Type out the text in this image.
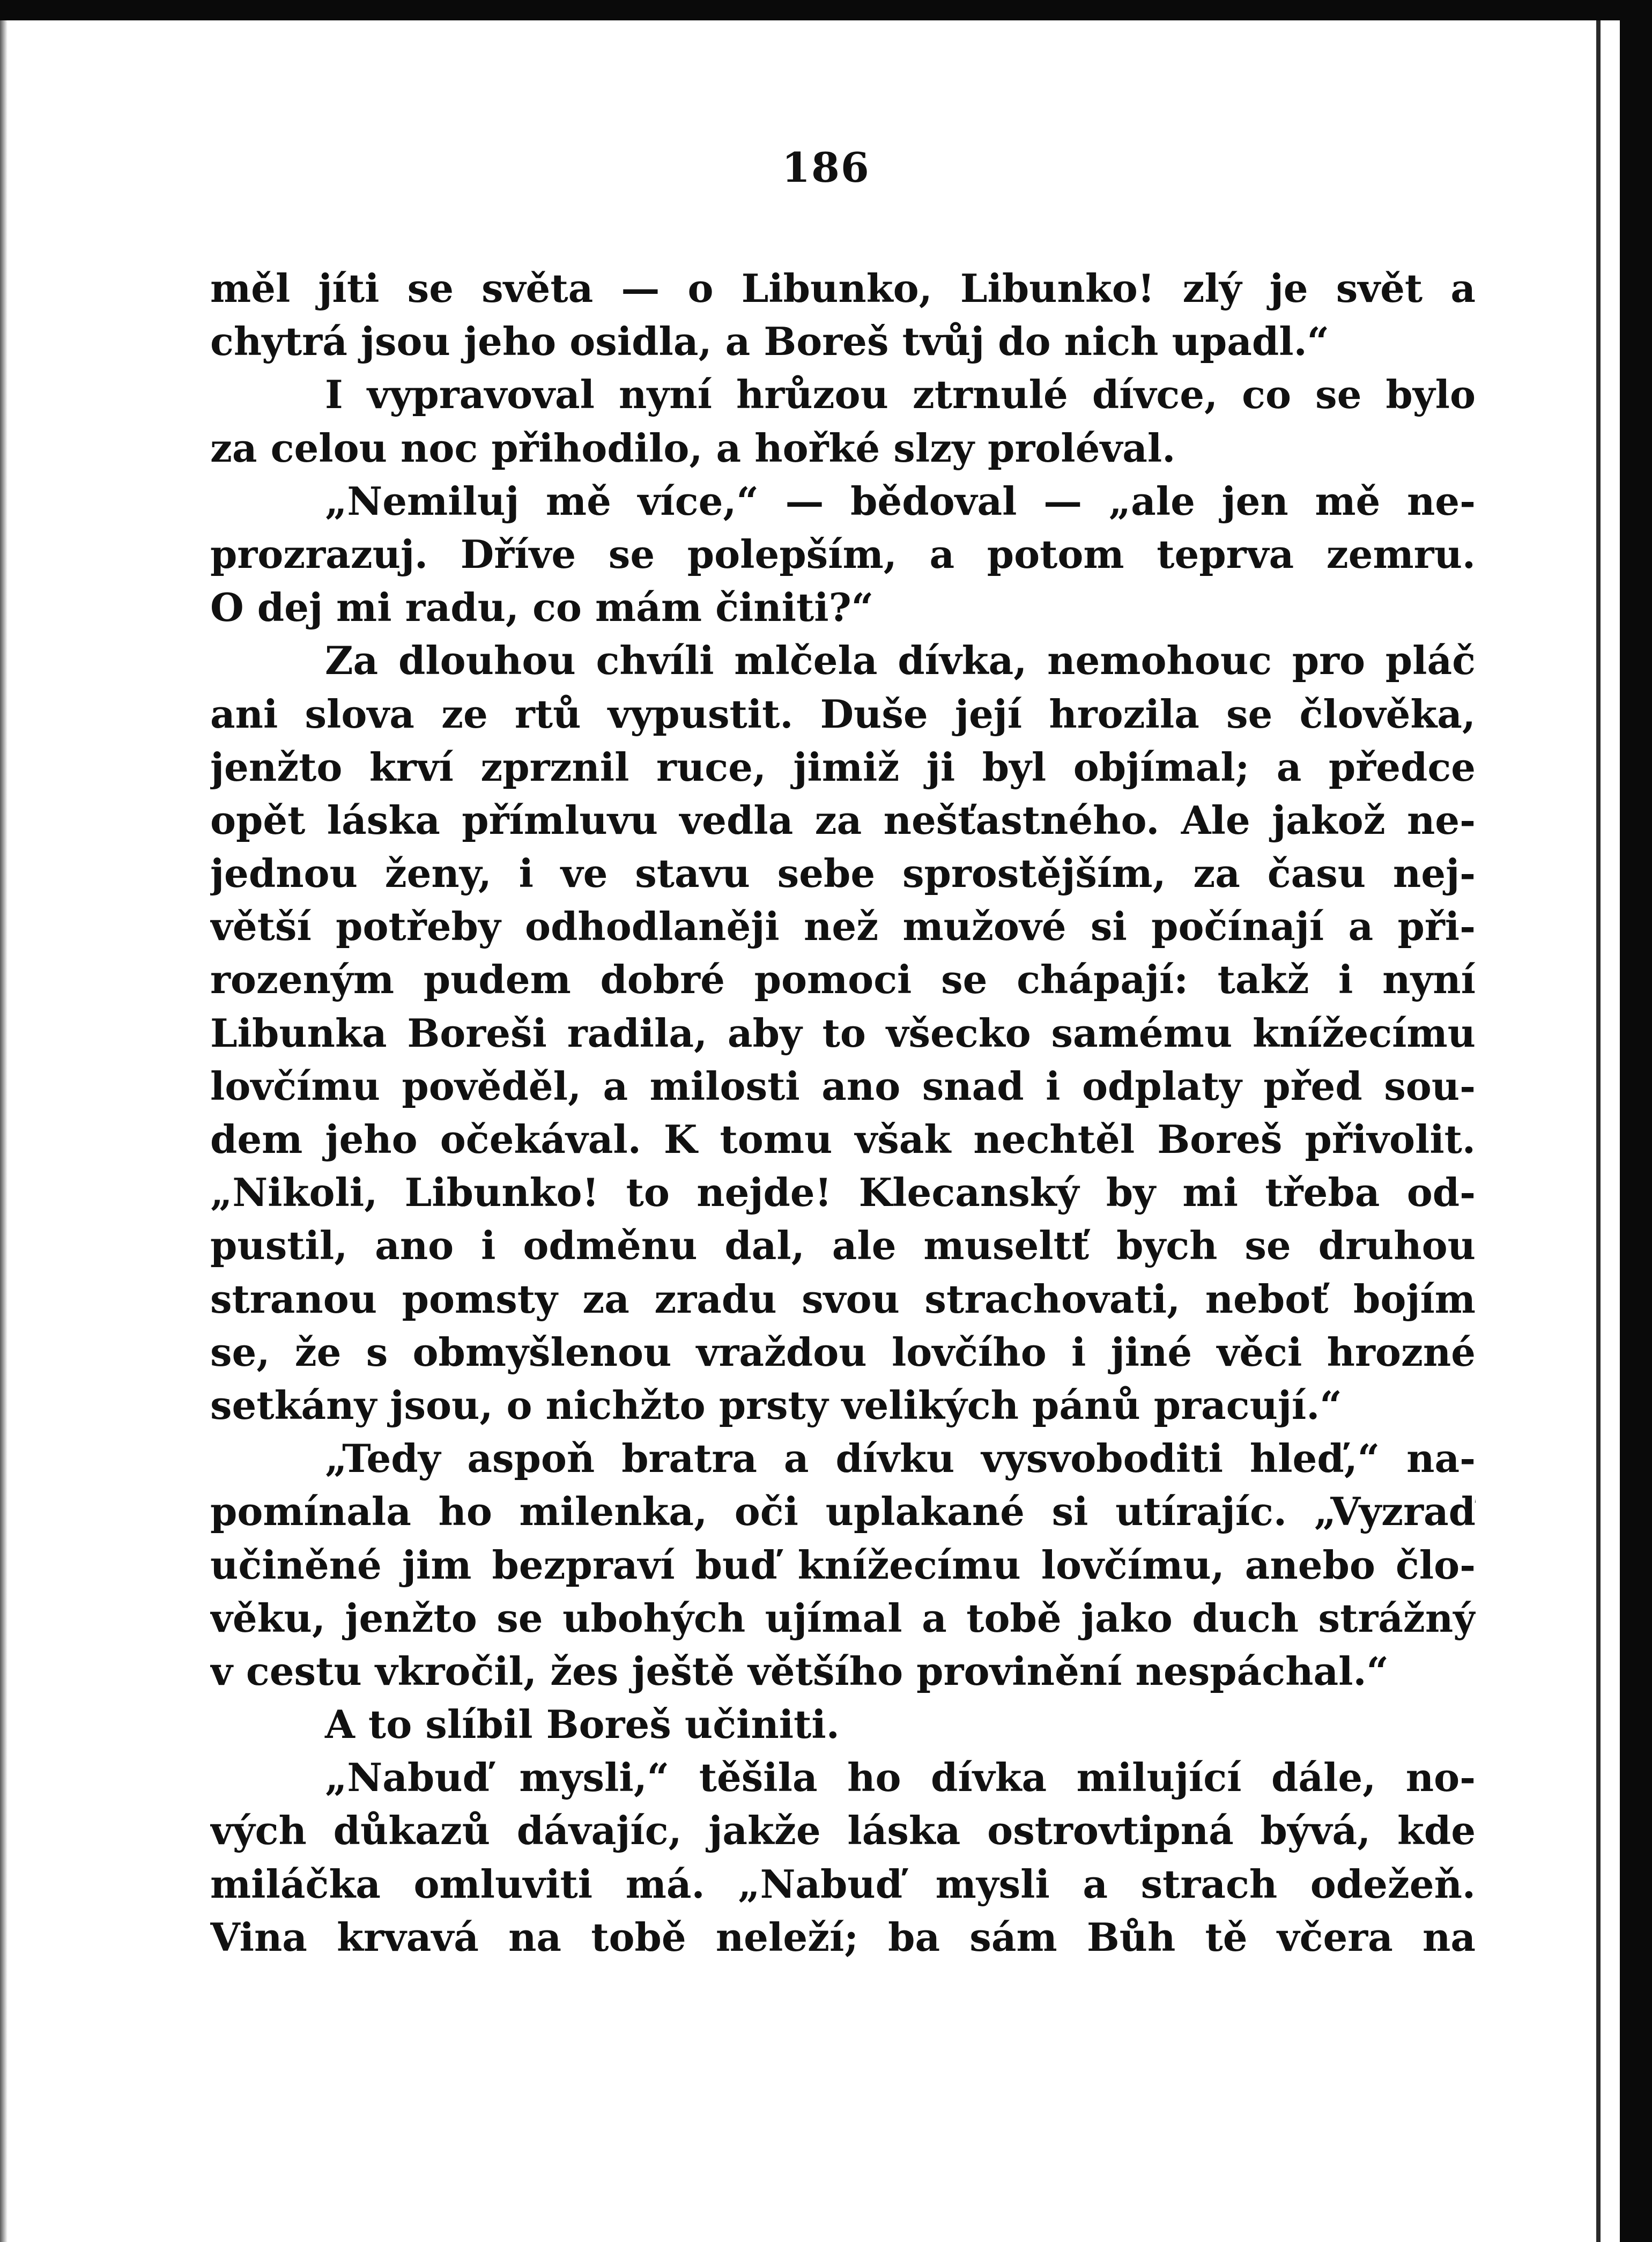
186
měl jíti se světa — o Libunko, Libunko! zlý je svět a
chytrá jsou jeho osidla, a Boreš tvůj do nich upadl.“
I vypravoval nyní hrůzou ztrnulé dívce, co se bylo
za celou noc přihodilo, a hořké slzy proléval.
„Nemiluj mě více,“ — bědoval — „ale jen mě ne-
prozrazuj. Dříve se polepším, a potom teprva zemru.
O dej mi radu, co mám činiti?“
Za dlouhou chvíli mlčela dívka, nemohouc pro pláč
ani slova ze rtů vypustit. Duše její hrozila se člověka,
jenžto krví zprznil ruce, jimiž ji byl objímal; a předce
opět láska přímluvu vedla za nešťastného. Ale jakož ne-
jednou ženy, i ve stavu sebe sprostějším, za času nej-
větší potřeby odhodlaněji než mužové si počínají a při-
rozeným pudem dobré pomoci se chápají: takž i nyní
Libunka Boreši radila, aby to všecko samému knížecímu
lovčímu pověděl, a milosti ano snad i odplaty před sou-
dem jeho očekával. K tomu však nechtěl Boreš přivolit.
„Nikoli, Libunko! to nejde! Klecanský by mi třeba od-
pustil, ano i odměnu dal, ale museltť bych se druhou
stranou pomsty za zradu svou strachovati, neboť bojím
se, že s obmyšlenou vraždou lovčího i jiné věci hrozné
setkány jsou, o nichžto prsty velikých pánů pracují.“
„Tedy aspoň bratra a dívku vysvoboditi hleď,“ na-
pomínala ho milenka, oči uplakané si utírajíc. „Vyzraď
učiněné jim bezpraví buď knížecímu lovčímu, anebo člo-
věku, jenžto se ubohých ujímal a tobě jako duch strážný
v cestu vkročil, žes ještě většího provinění nespáchal.“
A to slíbil Boreš učiniti.
„Nabuď mysli,“ těšila ho dívka milující dále, no-
vých důkazů dávajíc, jakže láska ostrovtipná bývá, kde
miláčka omluviti má. „Nabuď mysli a strach odežeň.
Vina krvavá na tobě neleží; ba sám Bůh tě včera na
